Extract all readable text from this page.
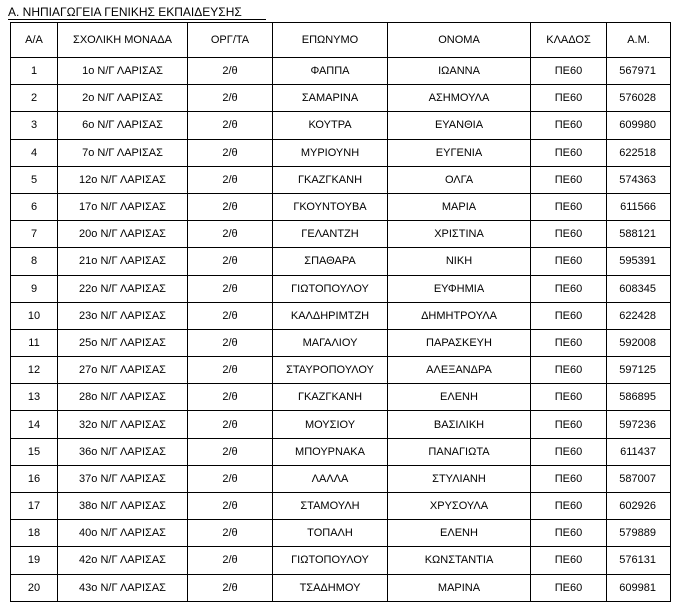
Α. ΝΗΠΙΑΓΩΓΕΙΑ ΓΕΝΙΚΗΣ ΕΚΠΑΙΔΕΥΣΗΣ
Α/Α	ΣΧΟΛΙΚΗ ΜΟΝΑΔΑ	ΟΡΓ/ΤΑ	ΕΠΩΝΥΜΟ	ΟΝΟΜΑ	ΚΛΑΔΟΣ	Α.Μ.
1	1ο Ν/Γ ΛΑΡΙΣΑΣ	2/θ	ΦΑΠΠΑ	ΙΩΑΝΝΑ	ΠΕ60	567971
2	2ο Ν/Γ ΛΑΡΙΣΑΣ	2/θ	ΣΑΜΑΡΙΝΑ	ΑΣΗΜΟΥΛΑ	ΠΕ60	576028
3	6ο Ν/Γ ΛΑΡΙΣΑΣ	2/θ	ΚΟΥΤΡΑ	ΕΥΑΝΘΙΑ	ΠΕ60	609980
4	7ο Ν/Γ ΛΑΡΙΣΑΣ	2/θ	ΜΥΡΙΟΥΝΗ	ΕΥΓΕΝΙΑ	ΠΕ60	622518
5	12ο Ν/Γ ΛΑΡΙΣΑΣ	2/θ	ΓΚΑΖΓΚΑΝΗ	ΟΛΓΑ	ΠΕ60	574363
6	17ο Ν/Γ ΛΑΡΙΣΑΣ	2/θ	ΓΚΟΥΝΤΟΥΒΑ	ΜΑΡΙΑ	ΠΕ60	611566
7	20ο Ν/Γ ΛΑΡΙΣΑΣ	2/θ	ΓΕΛΑΝΤΖΗ	ΧΡΙΣΤΙΝΑ	ΠΕ60	588121
8	21ο Ν/Γ ΛΑΡΙΣΑΣ	2/θ	ΣΠΑΘΑΡΑ	ΝΙΚΗ	ΠΕ60	595391
9	22ο Ν/Γ ΛΑΡΙΣΑΣ	2/θ	ΓΙΩΤΟΠΟΥΛΟΥ	ΕΥΦΗΜΙΑ	ΠΕ60	608345
10	23ο Ν/Γ ΛΑΡΙΣΑΣ	2/θ	ΚΑΛΔΗΡΙΜΤΖΗ	ΔΗΜΗΤΡΟΥΛΑ	ΠΕ60	622428
11	25ο Ν/Γ ΛΑΡΙΣΑΣ	2/θ	ΜΑΓΑΛΙΟΥ	ΠΑΡΑΣΚΕΥΗ	ΠΕ60	592008
12	27ο Ν/Γ ΛΑΡΙΣΑΣ	2/θ	ΣΤΑΥΡΟΠΟΥΛΟΥ	ΑΛΕΞΑΝΔΡΑ	ΠΕ60	597125
13	28ο Ν/Γ ΛΑΡΙΣΑΣ	2/θ	ΓΚΑΖΓΚΑΝΗ	ΕΛΕΝΗ	ΠΕ60	586895
14	32ο Ν/Γ ΛΑΡΙΣΑΣ	2/θ	ΜΟΥΣΙΟΥ	ΒΑΣΙΛΙΚΗ	ΠΕ60	597236
15	36ο Ν/Γ ΛΑΡΙΣΑΣ	2/θ	ΜΠΟΥΡΝΑΚΑ	ΠΑΝΑΓΙΩΤΑ	ΠΕ60	611437
16	37ο Ν/Γ ΛΑΡΙΣΑΣ	2/θ	ΛΑΛΛΑ	ΣΤΥΛΙΑΝΗ	ΠΕ60	587007
17	38ο Ν/Γ ΛΑΡΙΣΑΣ	2/θ	ΣΤΑΜΟΥΛΗ	ΧΡΥΣΟΥΛΑ	ΠΕ60	602926
18	40ο Ν/Γ ΛΑΡΙΣΑΣ	2/θ	ΤΟΠΑΛΗ	ΕΛΕΝΗ	ΠΕ60	579889
19	42ο Ν/Γ ΛΑΡΙΣΑΣ	2/θ	ΓΙΩΤΟΠΟΥΛΟΥ	ΚΩΝΣΤΑΝΤΙΑ	ΠΕ60	576131
20	43ο Ν/Γ ΛΑΡΙΣΑΣ	2/θ	ΤΣΑΔΗΜΟΥ	ΜΑΡΙΝΑ	ΠΕ60	609981
